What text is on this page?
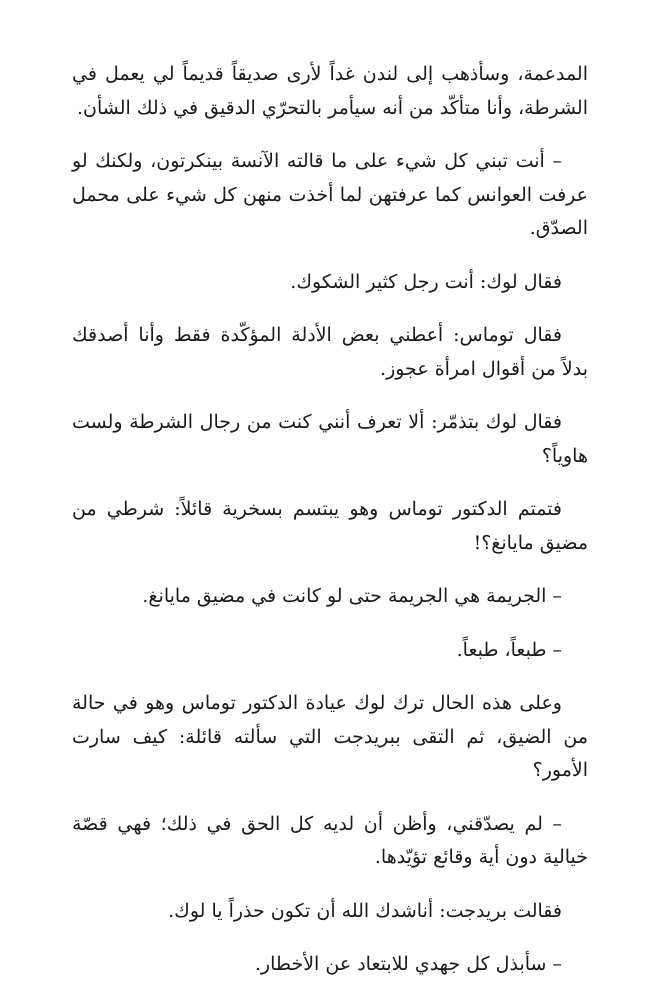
المدعمة، وسأذهب إلى لندن غداً لأرى صديقاً قديماً لي يعمل في الشرطة، وأنا متأكّد من أنه سيأمر بالتحرّي الدقيق في ذلك الشأن.

– أنت تبني كل شيء على ما قالته الآنسة بينكرتون، ولكنك لو عرفت العوانس كما عرفتهن لما أخذت منهن كل شيء على محمل الصدّق.

فقال لوك: أنت رجل كثير الشكوك.

فقال توماس: أعطني بعض الأدلة المؤكّدة فقط وأنا أصدقك بدلاً من أقوال امرأة عجوز.

فقال لوك بتذمّر: ألا تعرف أنني كنت من رجال الشرطة ولست هاوياً؟

فتمتم الدكتور توماس وهو يبتسم بسخرية قائلاً: شرطي من مضيق مايانغ؟!

– الجريمة هي الجريمة حتى لو كانت في مضيق مايانغ.

– طبعاً، طبعاً.

وعلى هذه الحال ترك لوك عيادة الدكتور توماس وهو في حالة من الضيق، ثم التقى ببريدجت التي سألته قائلة: كيف سارت الأمور؟

– لم يصدّقني، وأظن أن لديه كل الحق في ذلك؛ فهي قصّة خيالية دون أية وقائع تؤيّدها.

فقالت بريدجت: أناشدك الله أن تكون حذراً يا لوك.

– سأبذل كل جهدي للابتعاد عن الأخطار.
